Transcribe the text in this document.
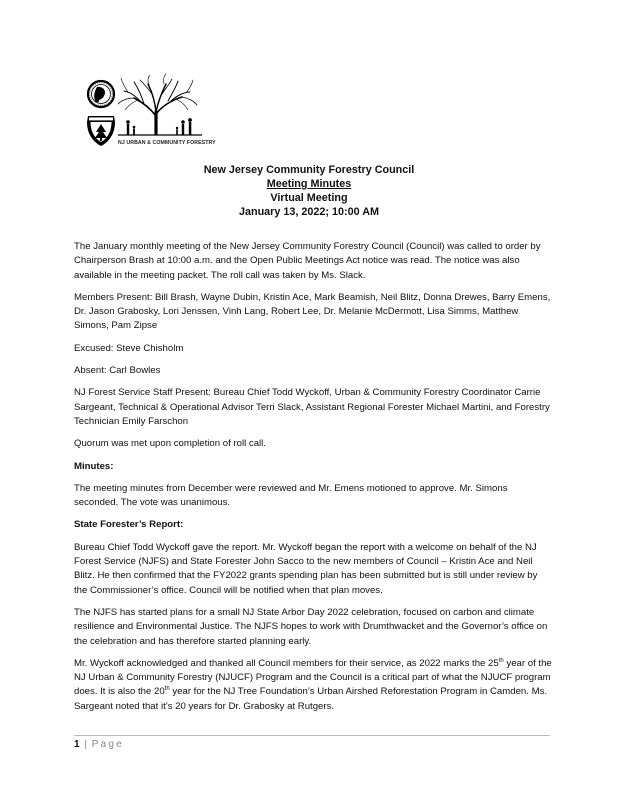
NJ URBAN & COMMUNITY FORESTRY
New Jersey Community Forestry Council
Meeting Minutes
Virtual Meeting
January 13, 2022; 10:00 AM

The January monthly meeting of the New Jersey Community Forestry Council (Council) was called to order by Chairperson Brash at 10:00 a.m. and the Open Public Meetings Act notice was read. The notice was also available in the meeting packet. The roll call was taken by Ms. Slack.

Members Present: Bill Brash, Wayne Dubin, Kristin Ace, Mark Beamish, Neil Blitz, Donna Drewes, Barry Emens, Dr. Jason Grabosky, Lori Jenssen, Vinh Lang, Robert Lee, Dr. Melanie McDermott, Lisa Simms, Matthew Simons, Pam Zipse

Excused: Steve Chisholm

Absent: Carl Bowles

NJ Forest Service Staff Present: Bureau Chief Todd Wyckoff, Urban & Community Forestry Coordinator Carrie Sargeant, Technical & Operational Advisor Terri Slack, Assistant Regional Forester Michael Martini, and Forestry Technician Emily Farschon

Quorum was met upon completion of roll call.

Minutes:

The meeting minutes from December were reviewed and Mr. Emens motioned to approve. Mr. Simons seconded. The vote was unanimous.

State Forester’s Report:

Bureau Chief Todd Wyckoff gave the report. Mr. Wyckoff began the report with a welcome on behalf of the NJ Forest Service (NJFS) and State Forester John Sacco to the new members of Council – Kristin Ace and Neil Blitz. He then confirmed that the FY2022 grants spending plan has been submitted but is still under review by the Commissioner’s office. Council will be notified when that plan moves.

The NJFS has started plans for a small NJ State Arbor Day 2022 celebration, focused on carbon and climate resilience and Environmental Justice. The NJFS hopes to work with Drumthwacket and the Governor’s office on the celebration and has therefore started planning early.

Mr. Wyckoff acknowledged and thanked all Council members for their service, as 2022 marks the 25th year of the NJ Urban & Community Forestry (NJUCF) Program and the Council is a critical part of what the NJUCF program does. It is also the 20th year for the NJ Tree Foundation’s Urban Airshed Reforestation Program in Camden. Ms. Sargeant noted that it’s 20 years for Dr. Grabosky at Rutgers.

1 | Page
